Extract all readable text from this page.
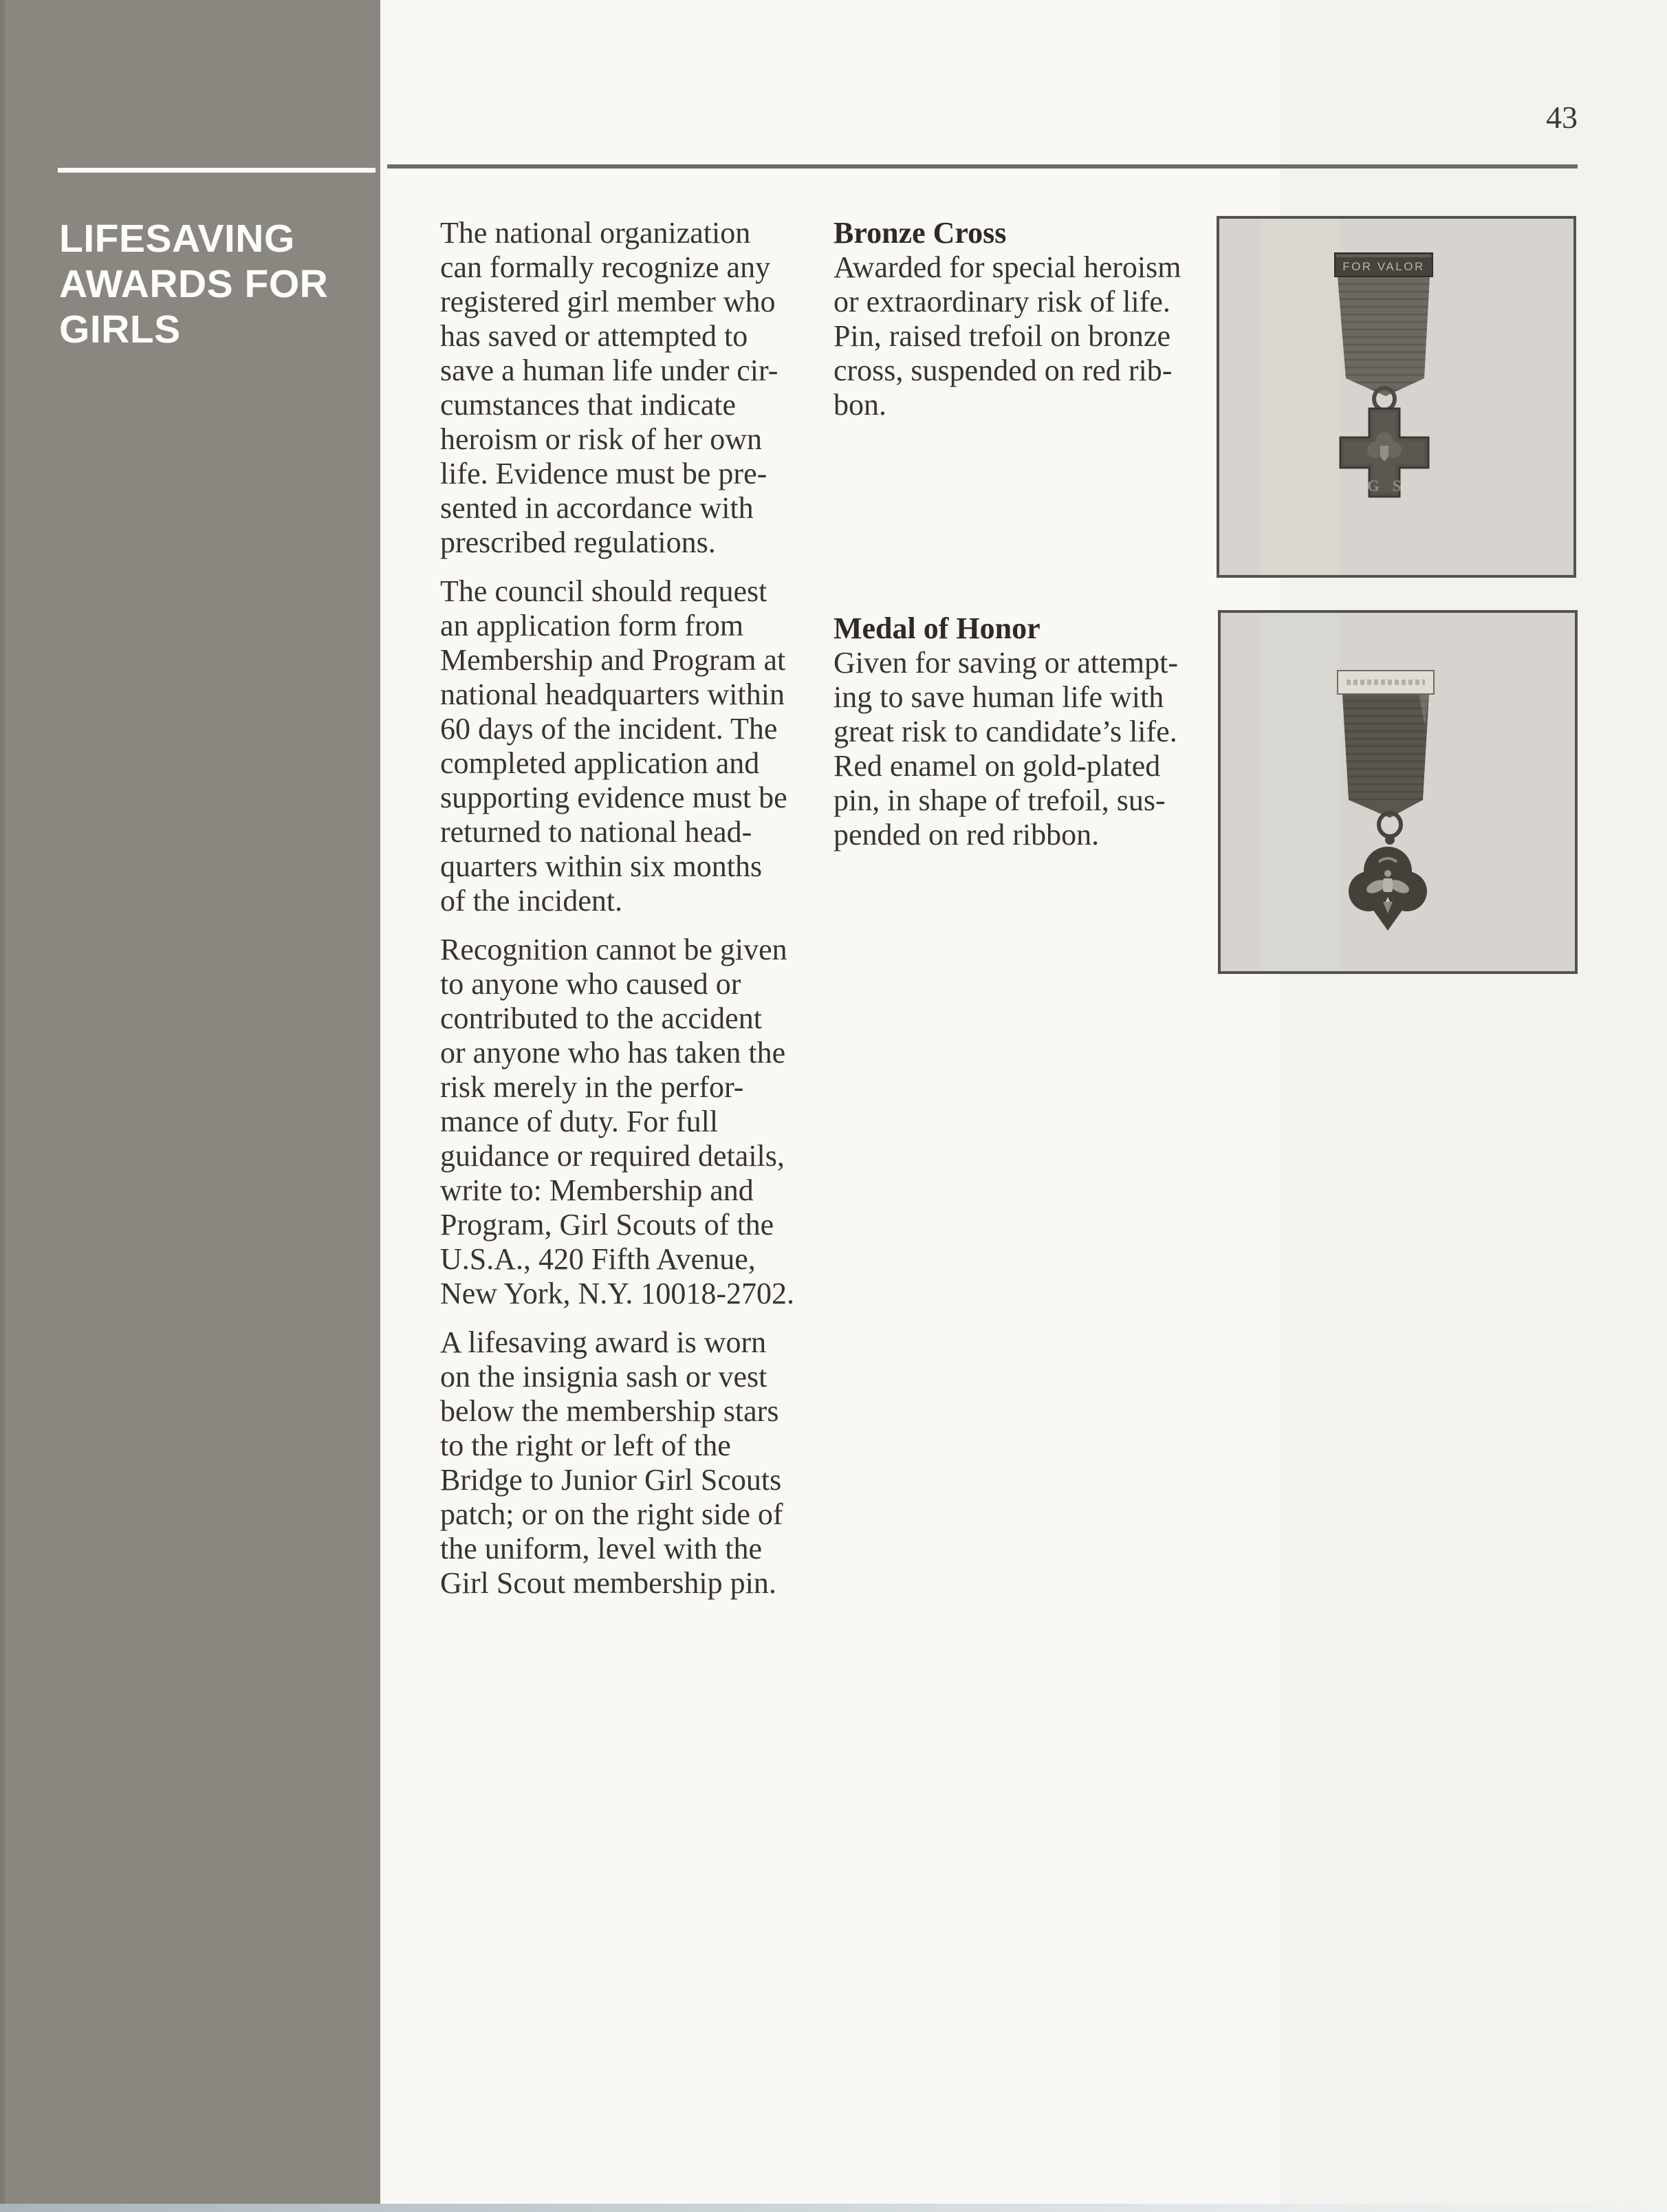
LIFESAVING
AWARDS FOR
GIRLS
43

The national organization
can formally recognize any
registered girl member who
has saved or attempted to
save a human life under cir-
cumstances that indicate
heroism or risk of her own
life. Evidence must be pre-
sented in accordance with
prescribed regulations.

The council should request
an application form from
Membership and Program at
national headquarters within
60 days of the incident. The
completed application and
supporting evidence must be
returned to national head-
quarters within six months
of the incident.

Recognition cannot be given
to anyone who caused or
contributed to the accident
or anyone who has taken the
risk merely in the perfor-
mance of duty. For full
guidance or required details,
write to: Membership and
Program, Girl Scouts of the
U.S.A., 420 Fifth Avenue,
New York, N.Y. 10018-2702.

A lifesaving award is worn
on the insignia sash or vest
below the membership stars
to the right or left of the
Bridge to Junior Girl Scouts
patch; or on the right side of
the uniform, level with the
Girl Scout membership pin.

Bronze Cross
Awarded for special heroism
or extraordinary risk of life.
Pin, raised trefoil on bronze
cross, suspended on red rib-
bon.
Medal of Honor
Given for saving or attempt-
ing to save human life with
great risk to candidate’s life.
Red enamel on gold-plated
pin, in shape of trefoil, sus-
pended on red ribbon.
FOR VALOR
G S
